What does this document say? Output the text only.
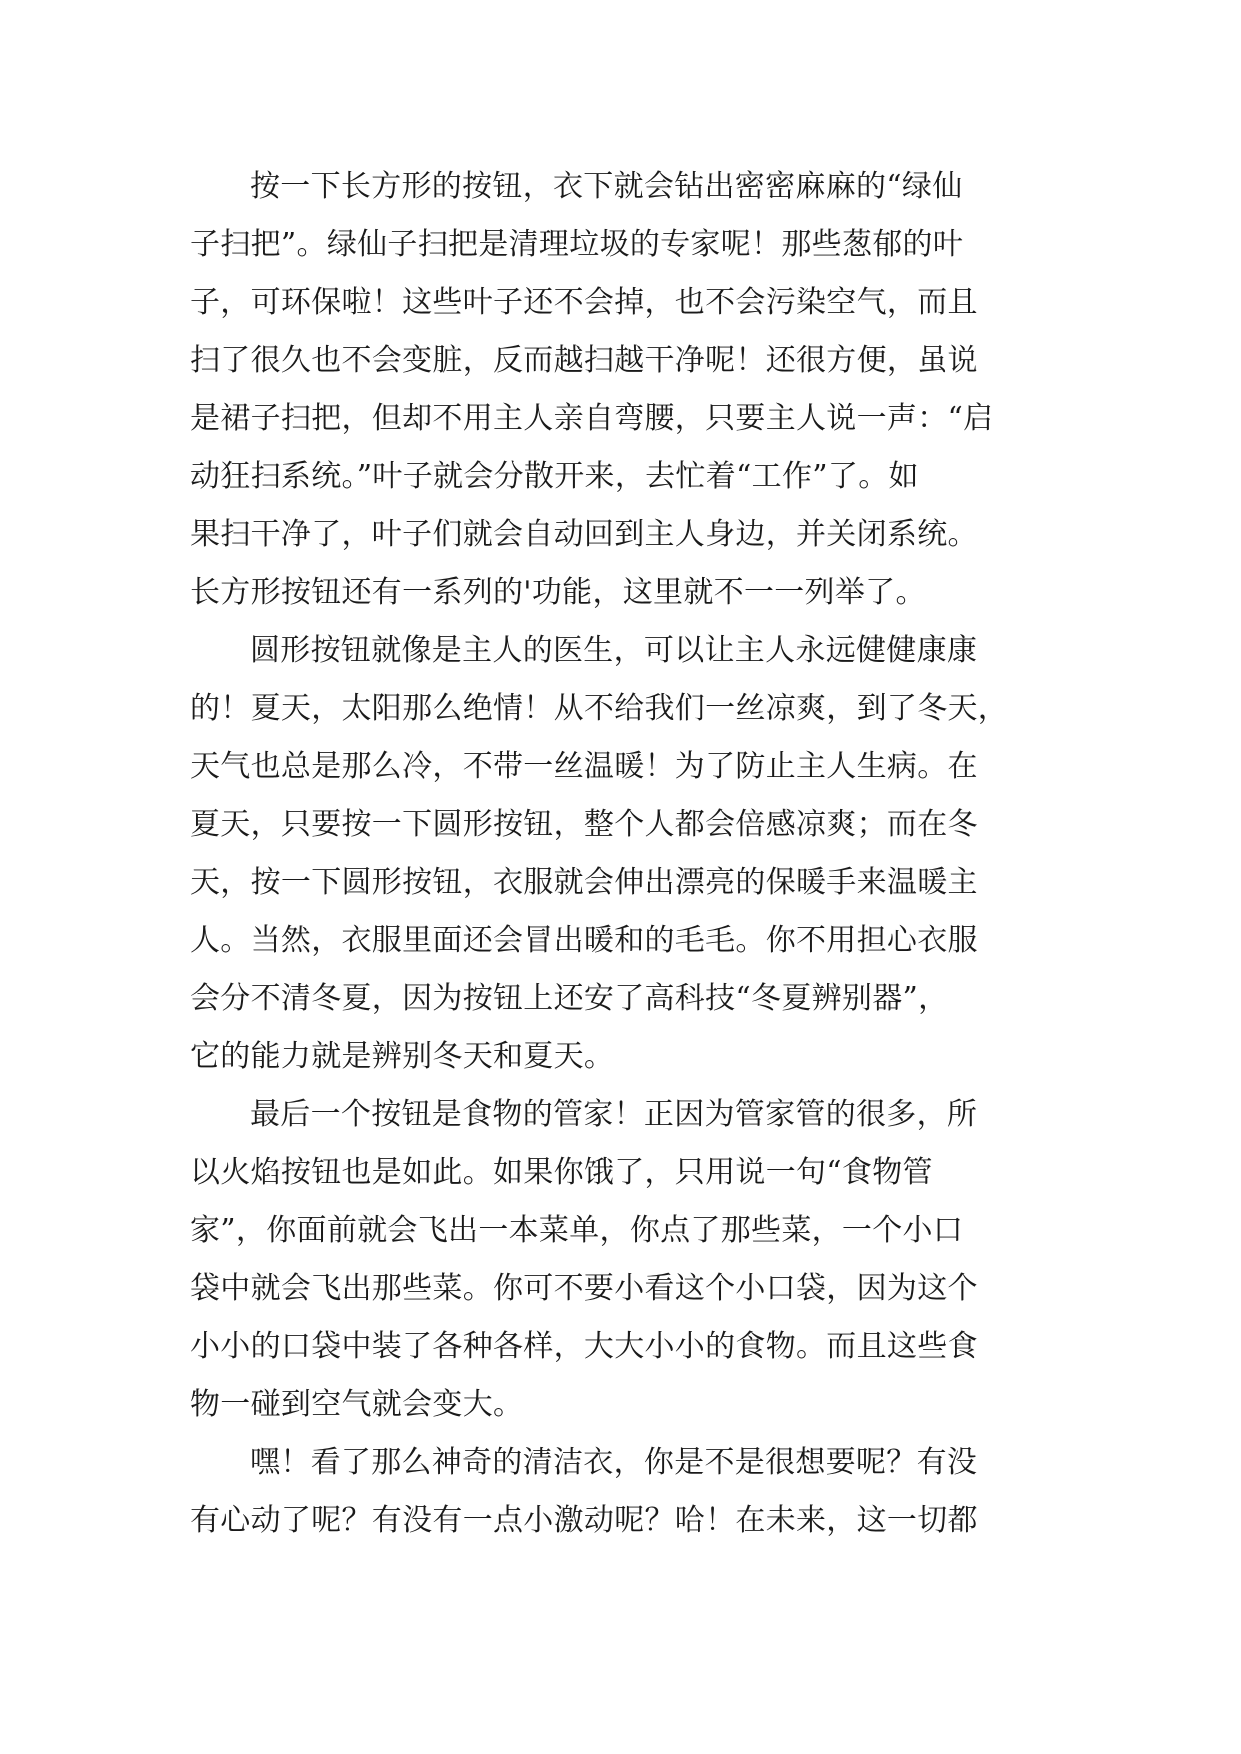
按一下长方形的按钮，衣下就会钻出密密麻麻的“绿仙
子扫把”。绿仙子扫把是清理垃圾的专家呢！那些葱郁的叶
子，可环保啦！这些叶子还不会掉，也不会污染空气，而且
扫了很久也不会变脏，反而越扫越干净呢！还很方便，虽说
是裙子扫把，但却不用主人亲自弯腰，只要主人说一声：“启
动狂扫系统。”叶子就会分散开来，去忙着“工作”了。如
果扫干净了，叶子们就会自动回到主人身边，并关闭系统。
长方形按钮还有一系列的'功能，这里就不一一列举了。
圆形按钮就像是主人的医生，可以让主人永远健健康康
的！夏天，太阳那么绝情！从不给我们一丝凉爽，到了冬天，
天气也总是那么冷，不带一丝温暖！为了防止主人生病。在
夏天，只要按一下圆形按钮，整个人都会倍感凉爽；而在冬
天，按一下圆形按钮，衣服就会伸出漂亮的保暖手来温暖主
人。当然，衣服里面还会冒出暖和的毛毛。你不用担心衣服
会分不清冬夏，因为按钮上还安了高科技“冬夏辨别器”，
它的能力就是辨别冬天和夏天。
最后一个按钮是食物的管家！正因为管家管的很多，所
以火焰按钮也是如此。如果你饿了，只用说一句“食物管
家”，你面前就会飞出一本菜单，你点了那些菜，一个小口
袋中就会飞出那些菜。你可不要小看这个小口袋，因为这个
小小的口袋中装了各种各样，大大小小的食物。而且这些食
物一碰到空气就会变大。
嘿！看了那么神奇的清洁衣，你是不是很想要呢？有没
有心动了呢？有没有一点小激动呢？哈！在未来，这一切都
